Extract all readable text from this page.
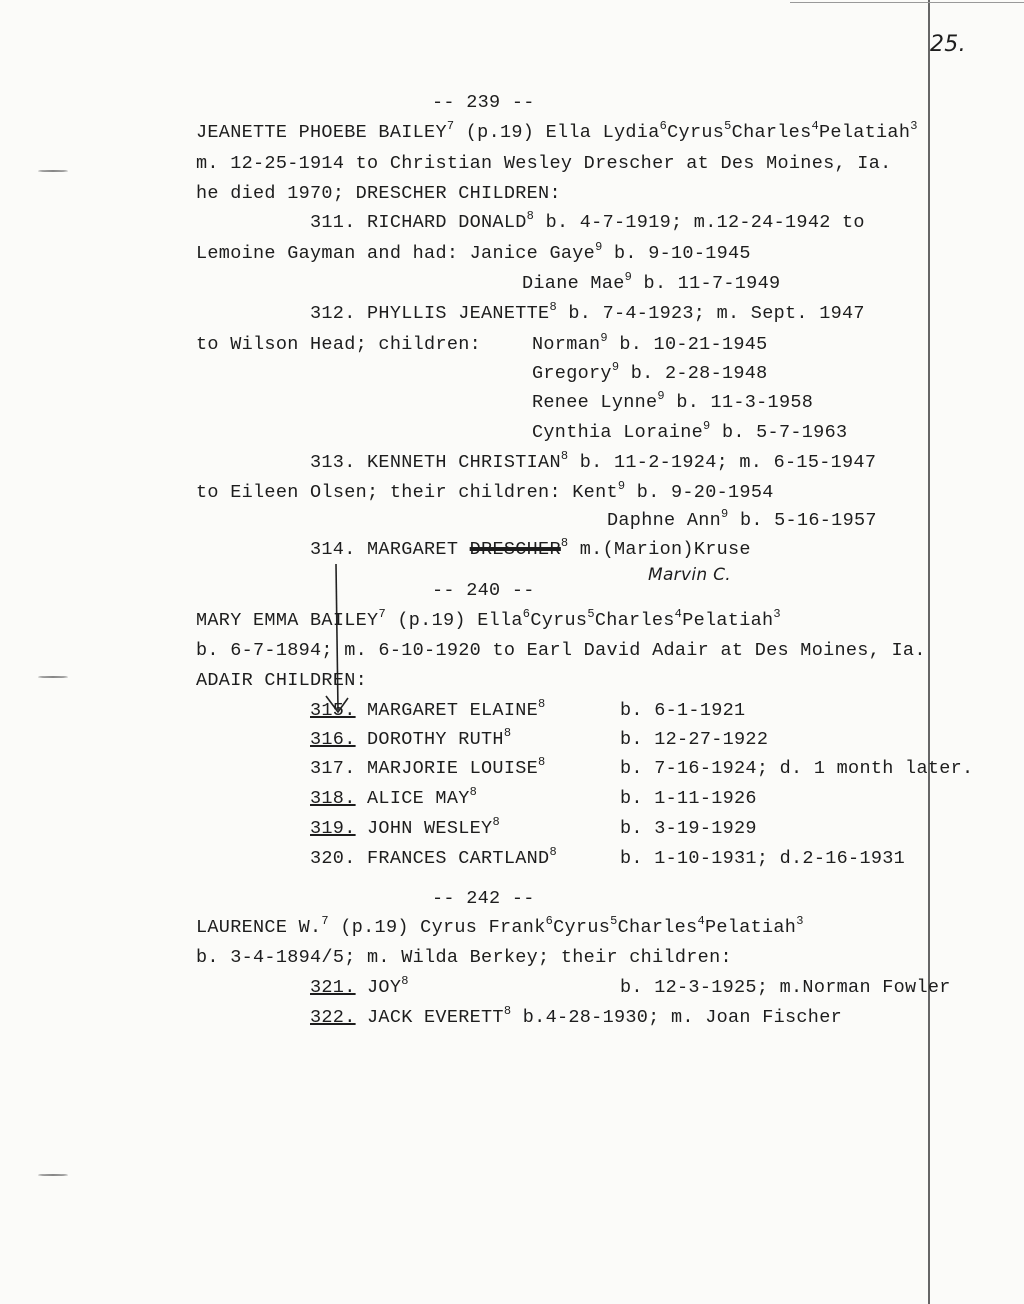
25.
-- 239 --
JEANETTE PHOEBE BAILEY$^7$ (p.19) Ella Lydia$^6$Cyrus$^5$Charles$^4$Pelatiah$^3$
m. 12-25-1914 to Christian Wesley Drescher at Des Moines, Ia.
he died 1970; DRESCHER CHILDREN:
311. RICHARD DONALD$^8$ b. 4-7-1919; m.12-24-1942 to
Lemoine Gayman and had: Janice Gaye$^9$ b. 9-10-1945
Diane Mae$^9$ b. 11-7-1949
312. PHYLLIS JEANETTE$^8$ b. 7-4-1923; m. Sept. 1947
to Wilson Head; children:	Norman$^9$ b. 10-21-1945
Gregory$^9$ b. 2-28-1948
Renee Lynne$^9$ b. 11-3-1958
Cynthia Loraine$^9$ b. 5-7-1963
313. KENNETH CHRISTIAN$^8$ b. 11-2-1924; m. 6-15-1947
to Eileen Olsen; their children: Kent$^9$ b. 9-20-1954
Daphne Ann$^9$ b. 5-16-1957
314. MARGARET DRESCHER$^8$ m.(Marion)Kruse
Marvin C.
-- 240 --
MARY EMMA BAILEY$^7$ (p.19) Ella$^6$Cyrus$^5$Charles$^4$Pelatiah$^3$
b. 6-7-1894; m. 6-10-1920 to Earl David Adair at Des Moines, Ia.
ADAIR CHILDREN:
315. MARGARET ELAINE$^8$	b. 6-1-1921
316. DOROTHY RUTH$^8$	b. 12-27-1922
317. MARJORIE LOUISE$^8$	b. 7-16-1924; d. 1 month later.
318. ALICE MAY$^8$	b. 1-11-1926
319. JOHN WESLEY$^8$	b. 3-19-1929
320. FRANCES CARTLAND$^8$	b. 1-10-1931; d.2-16-1931
-- 242 --
LAURENCE W.$^7$ (p.19) Cyrus Frank$^6$Cyrus$^5$Charles$^4$Pelatiah$^3$
b. 3-4-1894/5; m. Wilda Berkey; their children:
321. JOY$^8$	b. 12-3-1925; m.Norman Fowler
322. JACK EVERETT$^8$ b.4-28-1930; m. Joan Fischer
